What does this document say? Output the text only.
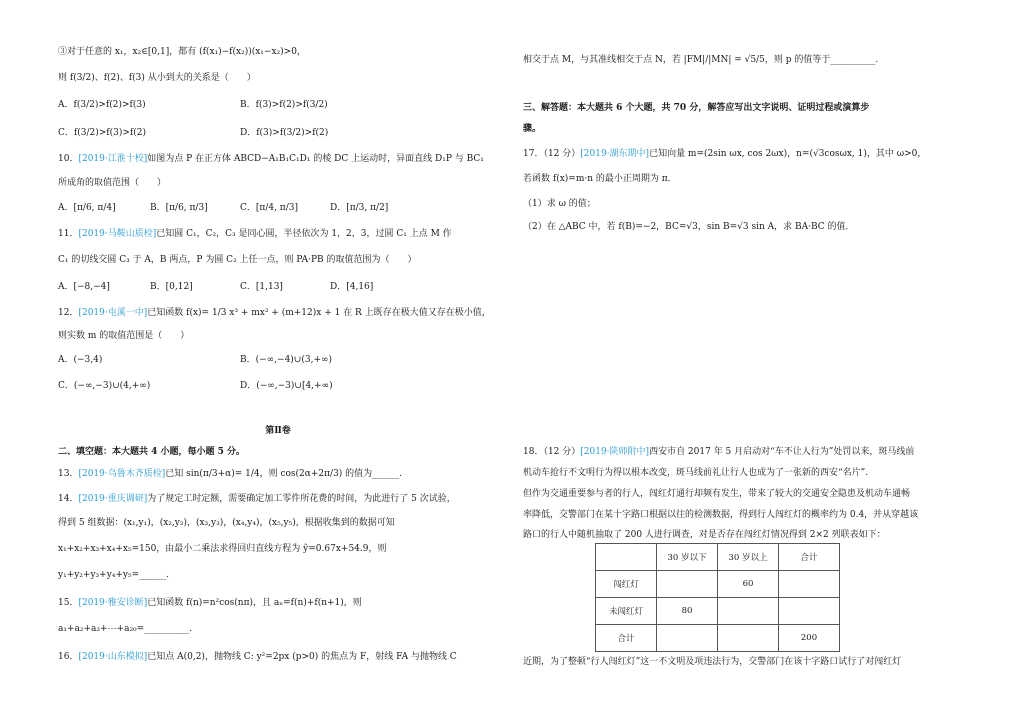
③对于任意的 x₁，x₂∈[0,1]，都有 (f(x₁)−f(x₂))(x₁−x₂)>0，
则 f(3/2)、f(2)、f(3) 从小到大的关系是（　　）
A．f(3/2)>f(2)>f(3)	B．f(3)>f(2)>f(3/2)
C．f(3/2)>f(3)>f(2)	D．f(3)>f(3/2)>f(2)
10．[2019·江淮十校]如图为点 P 在正方体 ABCD−A₁B₁C₁D₁ 的棱 DC 上运动时，异面直线 D₁P 与 BC₁
所成角的取值范围（　　）
A．[π/6, π/4]	B．[π/6, π/3]	C．[π/4, π/3]	D．[π/3, π/2]
11．[2019·马鞍山质检]已知圆 C₁，C₂，C₃ 是同心圆，半径依次为 1，2，3，过圆 C₁ 上点 M 作
C₁ 的切线交圆 C₃ 于 A，B 两点，P 为圆 C₂ 上任一点，则 PA·PB 的取值范围为（　　）
A．[−8,−4]	B．[0,12]	C．[1,13]	D．[4,16]
12．[2019·屯溪一中]已知函数 f(x)= 1/3 x³ + mx² + (m+12)x + 1 在 R 上既存在极大值又存在极小值，
则实数 m 的取值范围是（　　）
A．(−3,4)	B．(−∞,−4)∪(3,+∞)
C．(−∞,−3)∪(4,+∞)	D．(−∞,−3)∪[4,+∞)
第Ⅱ卷
二、填空题：本大题共 4 小题，每小题 5 分。
13．[2019·乌鲁木齐质检]已知 sin(π/3+α)= 1/4，则 cos(2α+2π/3) 的值为______.
14．[2019·重庆调研]为了规定工时定额，需要确定加工零件所花费的时间，为此进行了 5 次试验，
得到 5 组数据：(x₁,y₁)，(x₂,y₂)，(x₃,y₃)，(x₄,y₄)，(x₅,y₅)，根据收集到的数据可知
x₁+x₂+x₃+x₄+x₅=150，由最小二乘法求得回归直线方程为 ŷ=0.67x+54.9，则
y₁+y₂+y₃+y₄+y₅=______.
15．[2019·雅安诊断]已知函数 f(n)=n²cos(nπ)，且 aₙ=f(n)+f(n+1)，则
a₁+a₂+a₃+⋯+a₂₀=__________.
16．[2019·山东模拟]已知点 A(0,2)，抛物线 C: y²=2px (p>0) 的焦点为 F，射线 FA 与抛物线 C
相交于点 M，与其准线相交于点 N，若 |FM|/|MN| = √5/5，则 p 的值等于__________.
三、解答题：本大题共 6 个大题，共 70 分，解答应写出文字说明、证明过程或演算步
骤。
17．（12 分）[2019·湖东期中]已知向量 m=(2sin ωx, cos 2ωx)，n=(√3cosωx, 1)，其中 ω>0，
若函数 f(x)=m·n 的最小正周期为 π．
（1）求 ω 的值；
（2）在 △ABC 中，若 f(B)=−2，BC=√3，sin B=√3 sin A，求 BA·BC 的值．
18．（12 分）[2019·陕师附中]西安市自 2017 年 5 月启动对“车不让人行为”处罚以来，斑马线前
机动车抢行不文明行为得以根本改变，斑马线前礼让行人也成为了一张新的西安“名片”.
但作为交通重要参与者的行人，闯红灯通行却频有发生，带来了较大的交通安全隐患及机动车通畅
率降低，交警部门在某十字路口根据以往的检测数据，得到行人闯红灯的概率约为 0.4，并从穿越该
路口的行人中随机抽取了 200 人进行调查，对是否存在闯红灯情况得到 2×2 列联表如下：
	30 岁以下	30 岁以上	合计
闯红灯		60	
未闯红灯	80		
合计			200
近期，为了整顿“行人闯红灯”这一不文明及项违法行为，交警部门在该十字路口试行了对闯红灯
